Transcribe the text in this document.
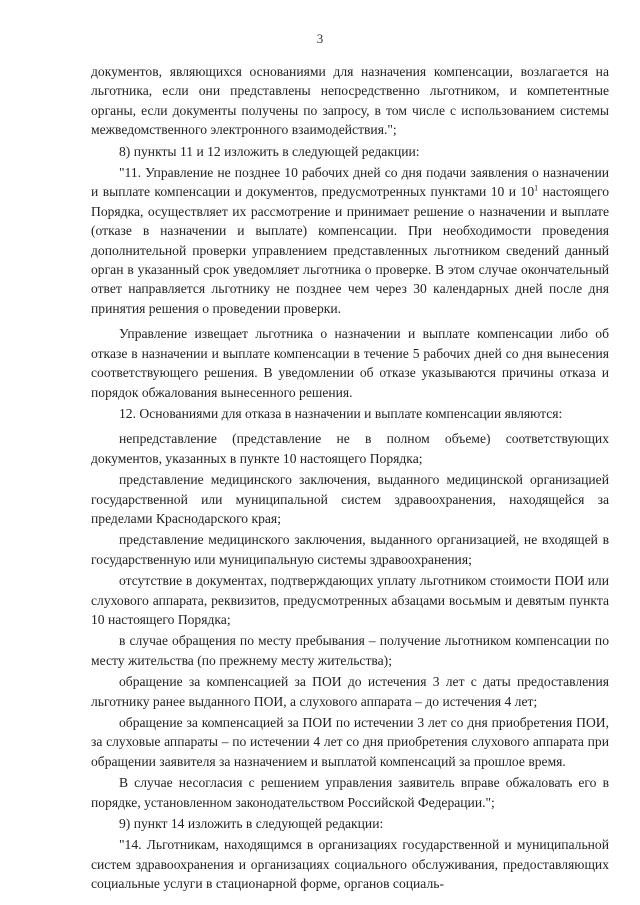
3

документов, являющихся основаниями для назначения компенсации, возлагается на льготника, если они представлены непосредственно льготником, и компетентные органы, если документы получены по запросу, в том числе с использованием системы межведомственного электронного взаимодействия.";

8) пункты 11 и 12 изложить в следующей редакции:

"11. Управление не позднее 10 рабочих дней со дня подачи заявления о назначении и выплате компенсации и документов, предусмотренных пунктами 10 и $10^1$ настоящего Порядка, осуществляет их рассмотрение и принимает решение о назначении и выплате (отказе в назначении и выплате) компенсации. При необходимости проведения дополнительной проверки управлением представленных льготником сведений данный орган в указанный срок уведомляет льготника о проверке. В этом случае окончательный ответ направляется льготнику не позднее чем через 30 календарных дней после дня принятия решения о проведении проверки.

Управление извещает льготника о назначении и выплате компенсации либо об отказе в назначении и выплате компенсации в течение 5 рабочих дней со дня вынесения соответствующего решения. В уведомлении об отказе указываются причины отказа и порядок обжалования вынесенного решения.

12. Основаниями для отказа в назначении и выплате компенсации являются:

непредставление (представление не в полном объеме) соответствующих документов, указанных в пункте 10 настоящего Порядка;

представление медицинского заключения, выданного медицинской организацией государственной или муниципальной систем здравоохранения, находящейся за пределами Краснодарского края;

представление медицинского заключения, выданного организацией, не входящей в государственную или муниципальную системы здравоохранения;

отсутствие в документах, подтверждающих уплату льготником стоимости ПОИ или слухового аппарата, реквизитов, предусмотренных абзацами восьмым и девятым пункта 10 настоящего Порядка;

в случае обращения по месту пребывания – получение льготником компенсации по месту жительства (по прежнему месту жительства);

обращение за компенсацией за ПОИ до истечения 3 лет с даты предоставления льготнику ранее выданного ПОИ, а слухового аппарата – до истечения 4 лет;

обращение за компенсацией за ПОИ по истечении 3 лет со дня приобретения ПОИ, за слуховые аппараты – по истечении 4 лет со дня приобретения слухового аппарата при обращении заявителя за назначением и выплатой компенсаций за прошлое время.

В случае несогласия с решением управления заявитель вправе обжаловать его в порядке, установленном законодательством Российской Федерации.";

9) пункт 14 изложить в следующей редакции:

"14. Льготникам, находящимся в организациях государственной и муниципальной систем здравоохранения и организациях социального обслуживания, предоставляющих социальные услуги в стационарной форме, органов социаль-
